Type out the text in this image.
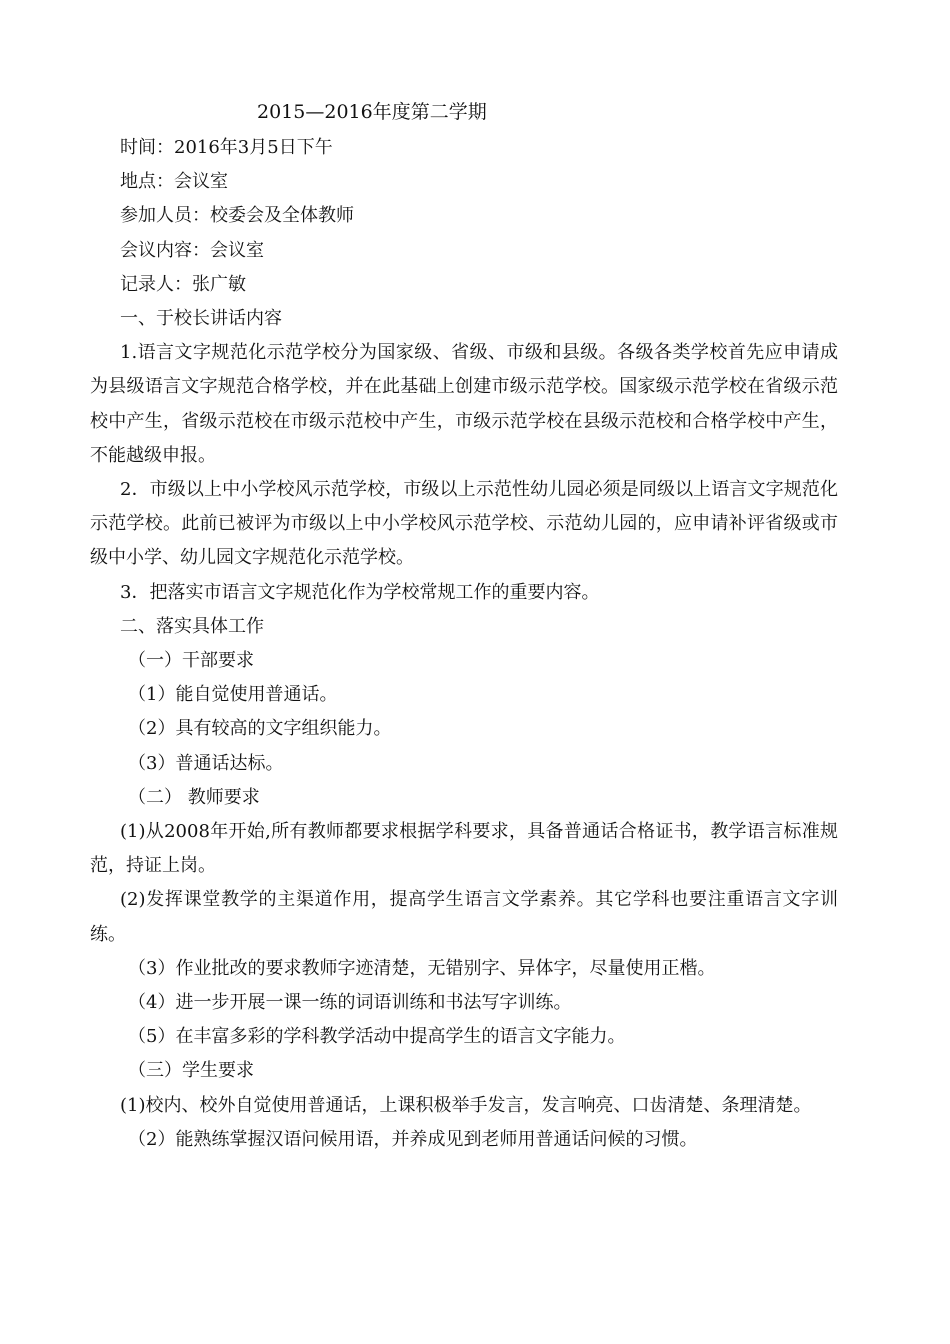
2015—2016年度第二学期

时间：2016年3月5日下午

地点：会议室

参加人员：校委会及全体教师

会议内容：会议室

记录人：张广敏

一、于校长讲话内容

1.语言文字规范化示范学校分为国家级、省级、市级和县级。各级各类学校首先应申请成为县级语言文字规范合格学校，并在此基础上创建市级示范学校。国家级示范学校在省级示范校中产生，省级示范校在市级示范校中产生，市级示范学校在县级示范校和合格学校中产生，不能越级申报。

2．市级以上中小学校风示范学校，市级以上示范性幼儿园必须是同级以上语言文字规范化示范学校。此前已被评为市级以上中小学校风示范学校、示范幼儿园的，应申请补评省级或市级中小学、幼儿园文字规范化示范学校。

3．把落实市语言文字规范化作为学校常规工作的重要内容。

二、落实具体工作

（一）干部要求

（1）能自觉使用普通话。

（2）具有较高的文字组织能力。

（3）普通话达标。

（二） 教师要求

(1)从2008年开始,所有教师都要求根据学科要求，具备普通话合格证书，教学语言标准规范，持证上岗。

(2)发挥课堂教学的主渠道作用，提高学生语言文学素养。其它学科也要注重语言文字训练。

（3）作业批改的要求教师字迹清楚，无错别字、异体字，尽量使用正楷。

（4）进一步开展一课一练的词语训练和书法写字训练。

（5）在丰富多彩的学科教学活动中提高学生的语言文字能力。

（三）学生要求

(1)校内、校外自觉使用普通话，上课积极举手发言，发言响亮、口齿清楚、条理清楚。

（2）能熟练掌握汉语问候用语，并养成见到老师用普通话问候的习惯。
